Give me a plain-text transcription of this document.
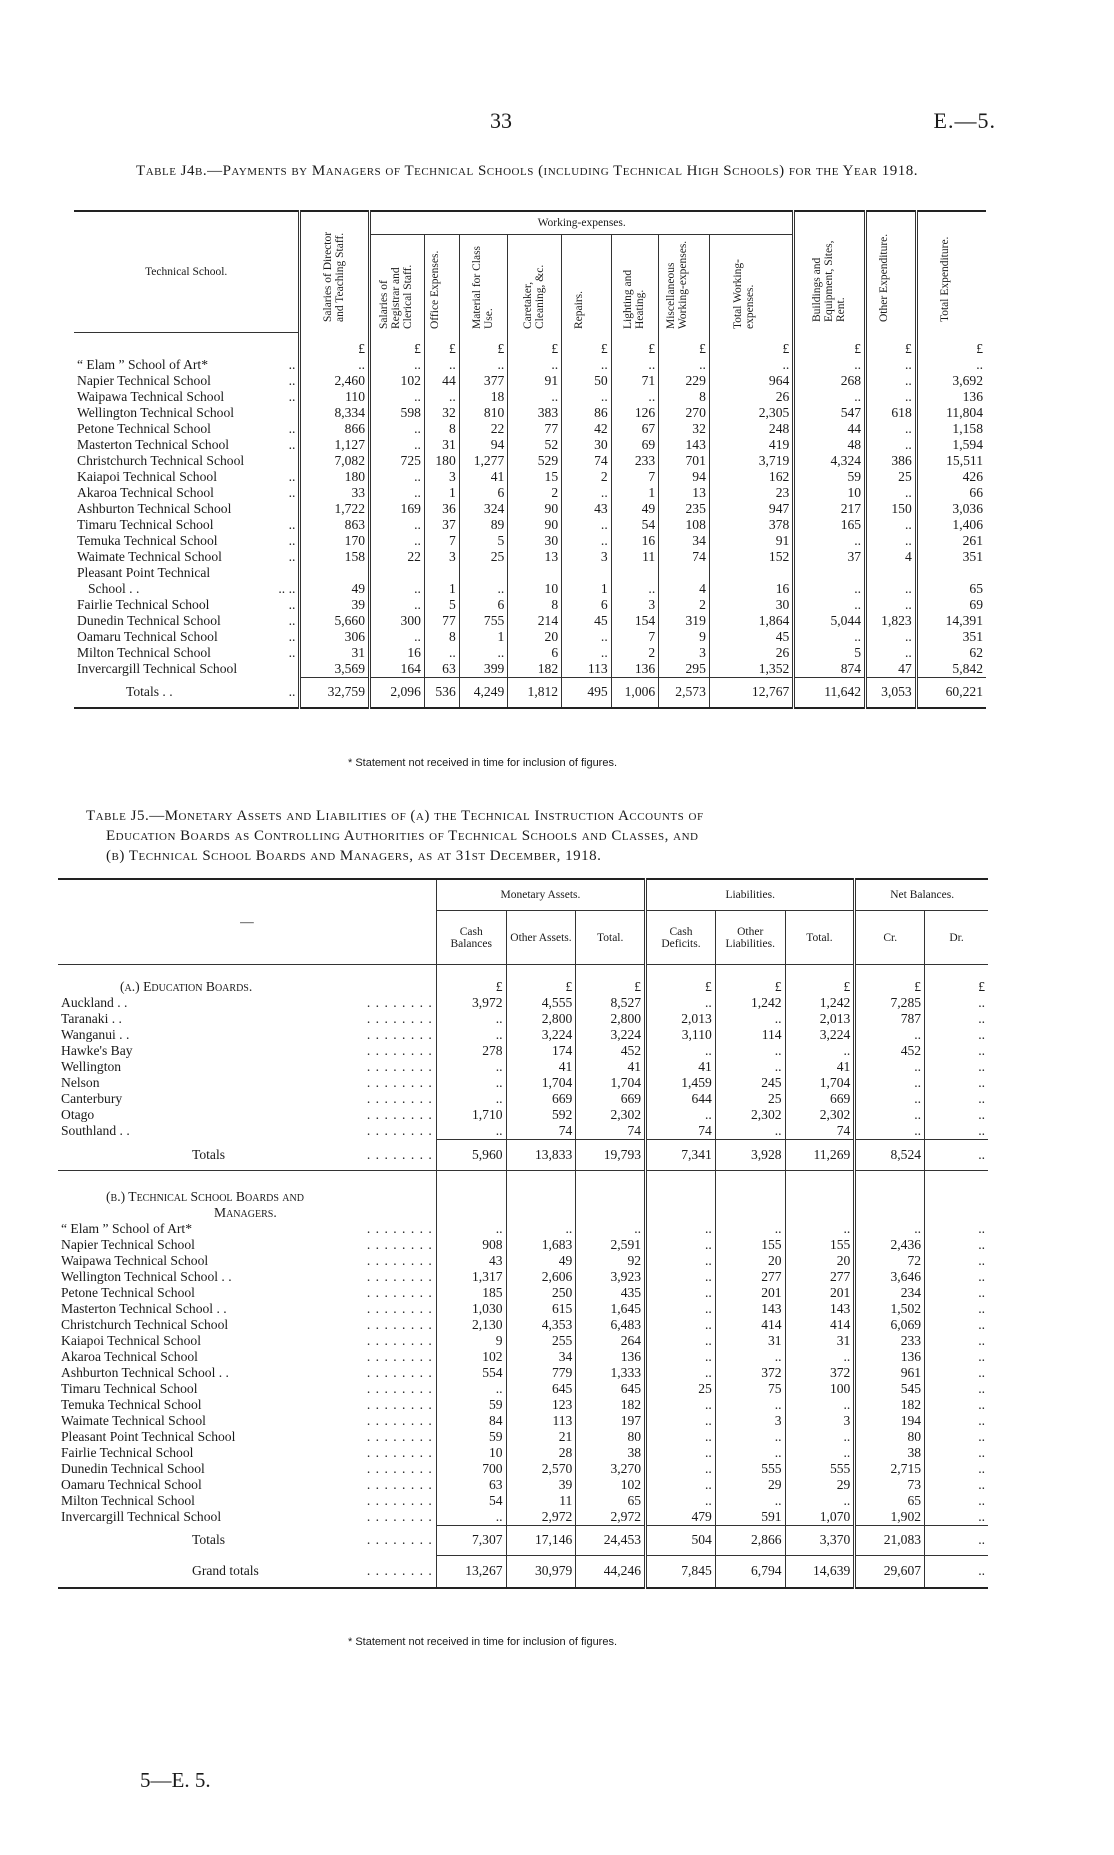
33	E.—5.
Table J4b.—Payments by Managers of Technical Schools (including Technical High Schools) for the Year 1918.
Technical School.	Salaries of Director and Teaching Staff.	Working-expenses.								Buildings and Equipment, Sites, Rent.	Other Expenditure.	Total Expenditure.

		Salaries of Registrar and Clerical Staff.	Office Expenses.	Material for Class Use.	Caretaker, Cleaning, &c.	Repairs.	Lighting and Heating.	Miscellaneous Working-expenses.	Total Working-expenses.			

	£	£	£	£	£	£	£	£	£	£	£	£
“ Elam ” School of Art* ..	..	..	..	..	..	..	..	..	..	..	..	..
Napier Technical School ..	2,460	102	44	377	91	50	71	229	964	268	..	3,692
Waipawa Technical School ..	110	..	..	18	..	..	..	8	26	..	..	136
Wellington Technical School	8,334	598	32	810	383	86	126	270	2,305	547	618	11,804
Petone Technical School ..	866	..	8	22	77	42	67	32	248	44	..	1,158
Masterton Technical School ..	1,127	..	31	94	52	30	69	143	419	48	..	1,594
Christchurch Technical School	7,082	725	180	1,277	529	74	233	701	3,719	4,324	386	15,511
Kaiapoi Technical School ..	180	..	3	41	15	2	7	94	162	59	25	426
Akaroa Technical School ..	33	..	1	6	2	..	1	13	23	10	..	66
Ashburton Technical School	1,722	169	36	324	90	43	49	235	947	217	150	3,036
Timaru Technical School ..	863	..	37	89	90	..	54	108	378	165	..	1,406
Temuka Technical School ..	170	..	7	5	30	..	16	34	91	..	..	261
Waimate Technical School ..	158	22	3	25	13	3	11	74	152	37	4	351
Pleasant Point Technical												
School . . .. ..	49	..	1	..	10	1	..	4	16	..	..	65
Fairlie Technical School ..	39	..	5	6	8	6	3	2	30	..	..	69
Dunedin Technical School ..	5,660	300	77	755	214	45	154	319	1,864	5,044	1,823	14,391
Oamaru Technical School ..	306	..	8	1	20	..	7	9	45	..	..	351
Milton Technical School ..	31	16	..	..	6	..	2	3	26	5	..	62
Invercargill Technical School	3,569	164	63	399	182	113	136	295	1,352	874	47	5,842
Totals . . ..	32,759	2,096	536	4,249	1,812	495	1,006	2,573	12,767	11,642	3,053	60,221
* Statement not received in time for inclusion of figures.
Table J5.—Monetary Assets and Liabilities of (a) the Technical Instruction Accounts of
Education Boards as Controlling Authorities of Technical Schools and Classes, and
(b) Technical School Boards and Managers, as at 31st December, 1918.
—	Monetary Assets.			Liabilities.			Net Balances.	
	Cash Balances	Other Assets.	Total.	Cash Deficits.	Other Liabilities.	Total.	Cr.	Dr.
(a.) Education Boards.	£	£	£	£	£	£	£	£
Auckland . . . . . . . . . .	3,972	4,555	8,527	..	1,242	1,242	7,285	..
Taranaki . . . . . . . . . .	..	2,800	2,800	2,013	..	2,013	787	..
Wanganui . . . . . . . . . .	..	3,224	3,224	3,110	114	3,224	..	..
Hawke's Bay . . . . . . . .	278	174	452	..	..	..	452	..
Wellington . . . . . . . .	..	41	41	41	..	41	..	..
Nelson . . . . . . . .	..	1,704	1,704	1,459	245	1,704	..	..
Canterbury . . . . . . . .	..	669	669	644	25	669	..	..
Otago . . . . . . . .	1,710	592	2,302	..	2,302	2,302	..	..
Southland . . . . . . . . . .	..	74	74	74	..	74	..	..
Totals . . . . . . . .	5,960	13,833	19,793	7,341	3,928	11,269	8,524	..
(b.) Technical School Boards and								
Managers.								
“ Elam ” School of Art* . . . . . . . .	..	..	..	..	..	..	..	..
Napier Technical School . . . . . . . .	908	1,683	2,591	..	155	155	2,436	..
Waipawa Technical School . . . . . . . .	43	49	92	..	20	20	72	..
Wellington Technical School . . . . . . . . . .	1,317	2,606	3,923	..	277	277	3,646	..
Petone Technical School . . . . . . . .	185	250	435	..	201	201	234	..
Masterton Technical School . . . . . . . . . .	1,030	615	1,645	..	143	143	1,502	..
Christchurch Technical School . . . . . . . .	2,130	4,353	6,483	..	414	414	6,069	..
Kaiapoi Technical School . . . . . . . .	9	255	264	..	31	31	233	..
Akaroa Technical School . . . . . . . .	102	34	136	..	..	..	136	..
Ashburton Technical School . . . . . . . . . .	554	779	1,333	..	372	372	961	..
Timaru Technical School . . . . . . . .	..	645	645	25	75	100	545	..
Temuka Technical School . . . . . . . .	59	123	182	..	..	..	182	..
Waimate Technical School . . . . . . . .	84	113	197	..	3	3	194	..
Pleasant Point Technical School . . . . . . . .	59	21	80	..	..	..	80	..
Fairlie Technical School . . . . . . . .	10	28	38	..	..	..	38	..
Dunedin Technical School . . . . . . . .	700	2,570	3,270	..	555	555	2,715	..
Oamaru Technical School . . . . . . . .	63	39	102	..	29	29	73	..
Milton Technical School . . . . . . . .	54	11	65	..	..	..	65	..
Invercargill Technical School . . . . . . . .	..	2,972	2,972	479	591	1,070	1,902	..
Totals . . . . . . . .	7,307	17,146	24,453	504	2,866	3,370	21,083	..
Grand totals . . . . . . . .	13,267	30,979	44,246	7,845	6,794	14,639	29,607	..
* Statement not received in time for inclusion of figures.
5—E. 5.
